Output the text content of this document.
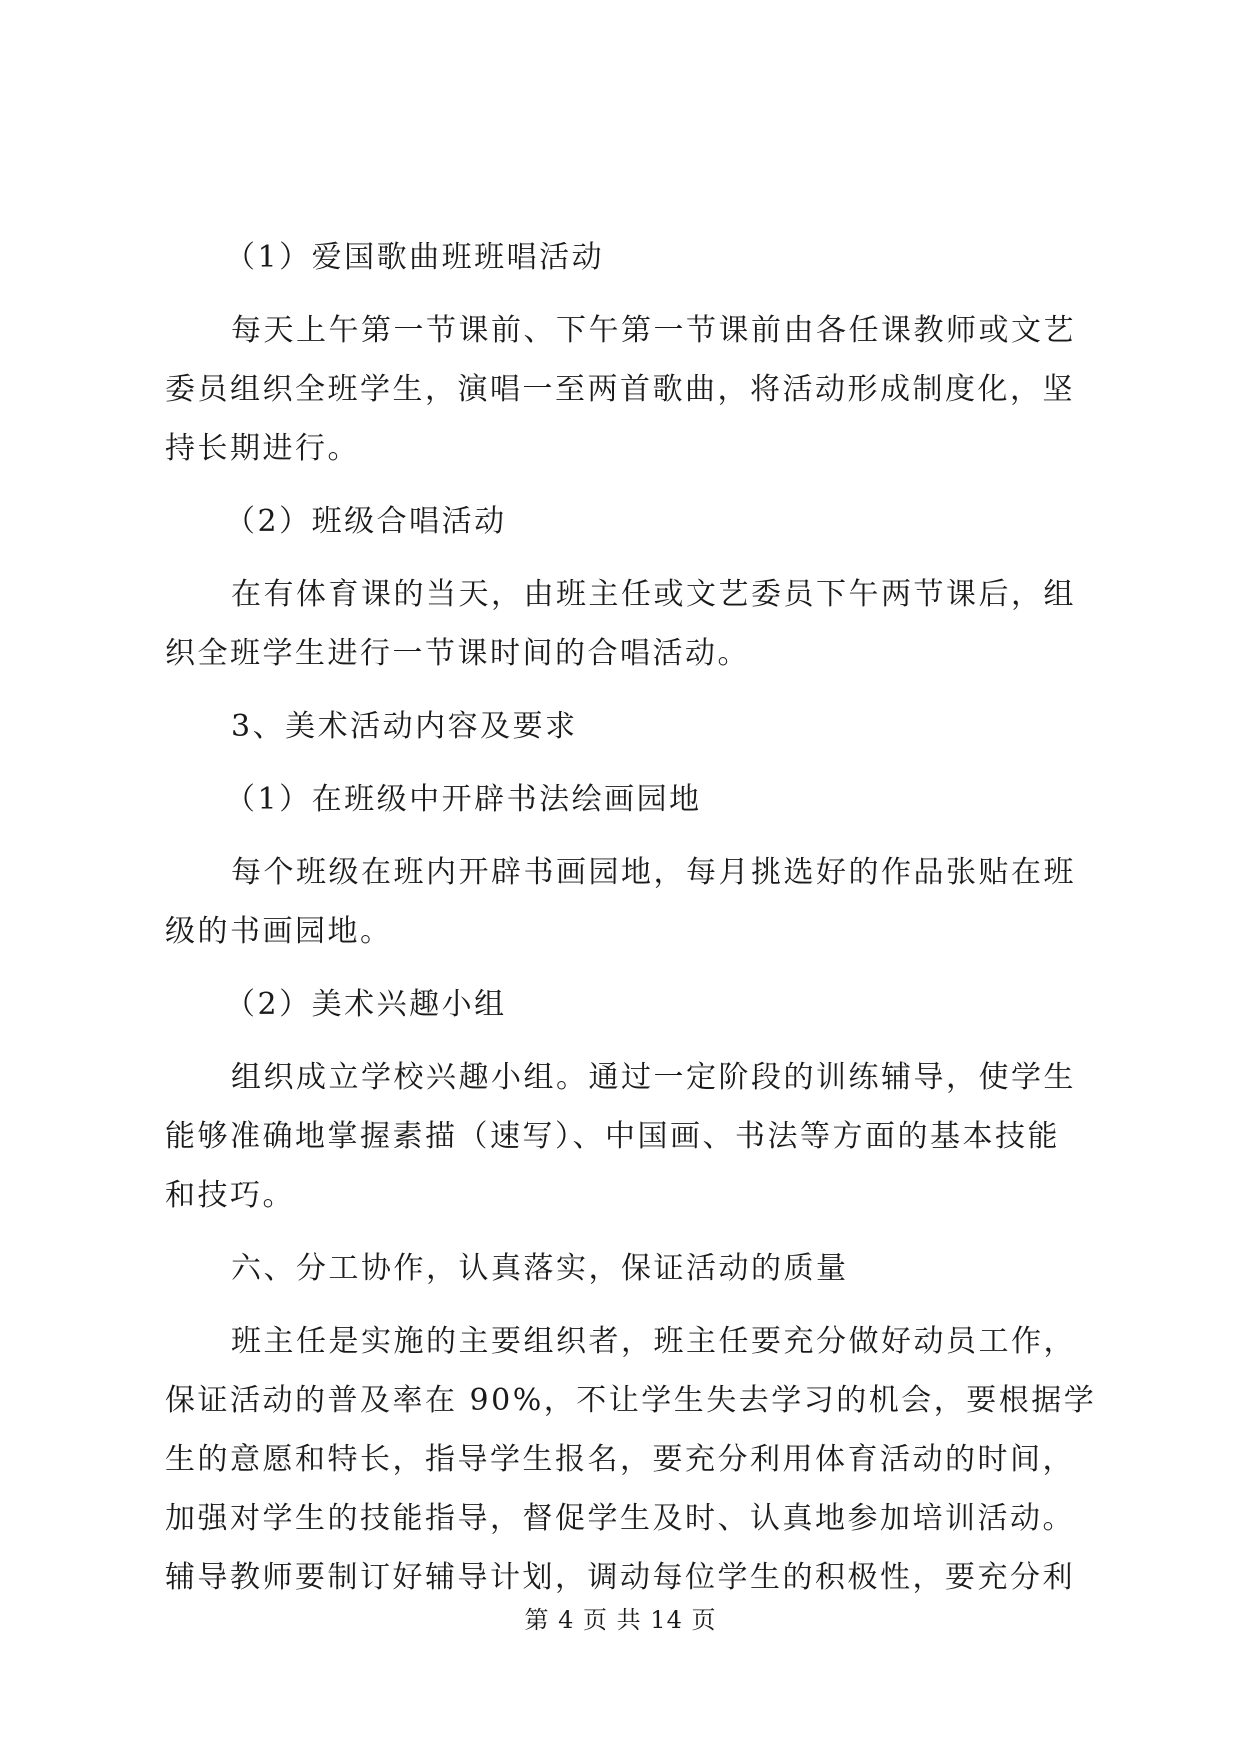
（1）爱国歌曲班班唱活动
每天上午第一节课前、下午第一节课前由各任课教师或文艺
委员组织全班学生，演唱一至两首歌曲，将活动形成制度化，坚
持长期进行。
（2）班级合唱活动
在有体育课的当天，由班主任或文艺委员下午两节课后，组
织全班学生进行一节课时间的合唱活动。
3、美术活动内容及要求
（1）在班级中开辟书法绘画园地
每个班级在班内开辟书画园地，每月挑选好的作品张贴在班
级的书画园地。
（2）美术兴趣小组
组织成立学校兴趣小组。通过一定阶段的训练辅导，使学生
能够准确地掌握素描（速写）、中国画、书法等方面的基本技能
和技巧。
六、分工协作，认真落实，保证活动的质量
班主任是实施的主要组织者，班主任要充分做好动员工作，
保证活动的普及率在 90%，不让学生失去学习的机会，要根据学
生的意愿和特长，指导学生报名，要充分利用体育活动的时间，
加强对学生的技能指导，督促学生及时、认真地参加培训活动。
辅导教师要制订好辅导计划，调动每位学生的积极性，要充分利
第 4 页 共 14 页
